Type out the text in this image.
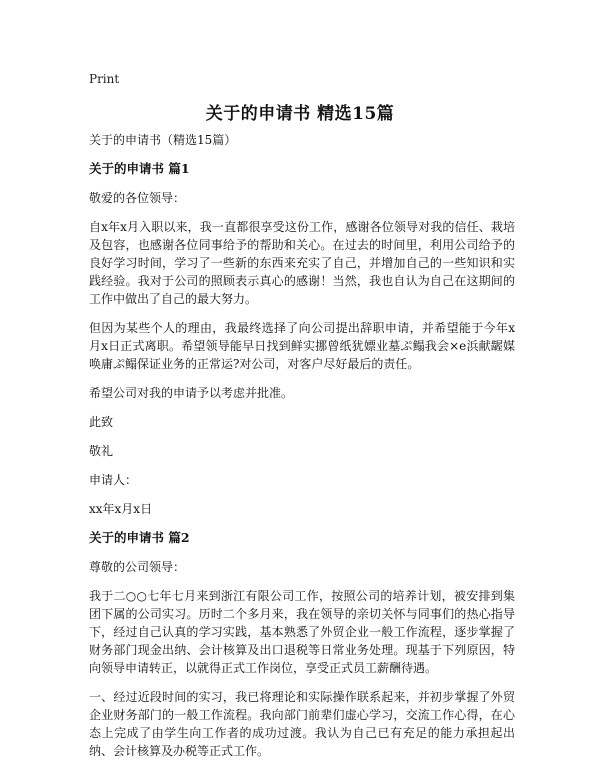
Print
关于的申请书 精选15篇

关于的申请书（精选15篇）

关于的申请书 篇1

敬爱的各位领导：

自x年x月入职以来，我一直都很享受这份工作，感谢各位领导对我的信任、栽培及包容，也感谢各位同事给予的帮助和关心。在过去的时间里，利用公司给予的良好学习时间，学习了一些新的东西来充实了自己，并增加自己的一些知识和实践经验。我对于公司的照顾表示真心的感谢！当然，我也自认为自己在这期间的工作中做出了自己的最大努力。

但因为某些个人的理由，我最终选择了向公司提出辞职申请，并希望能于今年x月x日正式离职。希望领导能早日找到鲜实挪曾纸犹嫖业墓ぷ鳎我会×e浜献龌媒唤庸ぷ鳎保证业务的正常运?对公司，对客户尽好最后的责任。

希望公司对我的申请予以考虑并批准。

此致

敬礼

申请人：

xx年x月x日

关于的申请书 篇2

尊敬的公司领导：

我于二○○七年七月来到浙江有限公司工作，按照公司的培养计划，被安排到集团下属的公司实习。历时二个多月来，我在领导的亲切关怀与同事们的热心指导下，经过自己认真的学习实践，基本熟悉了外贸企业一般工作流程，逐步掌握了财务部门现金出纳、会计核算及出口退税等日常业务处理。现基于下列原因，特向领导申请转正，以就得正式工作岗位，享受正式员工薪酬待遇。

一、经过近段时间的实习，我已将理论和实际操作联系起来，并初步掌握了外贸企业财务部门的一般工作流程。我向部门前辈们虚心学习，交流工作心得，在心态上完成了由学生向工作者的成功过渡。我认为自己已有充足的能力承担起出纳、会计核算及办税等正式工作。
